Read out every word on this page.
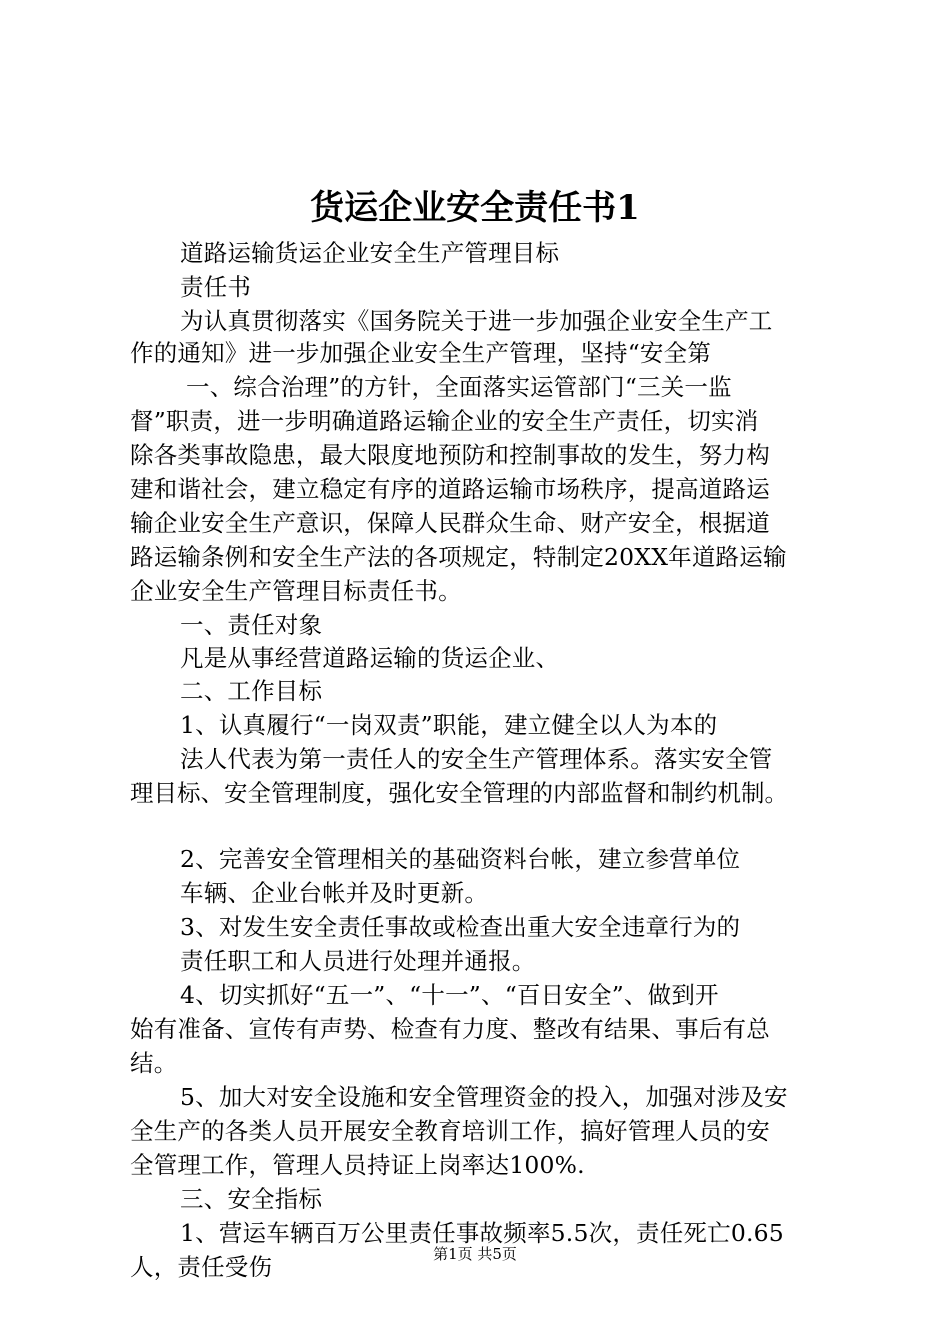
货运企业安全责任书1
道路运输货运企业安全生产管理目标
责任书
为认真贯彻落实《国务院关于进一步加强企业安全生产工
作的通知》进一步加强企业安全生产管理，坚持“安全第
一、综合治理”的方针，全面落实运管部门“三关一监
督”职责，进一步明确道路运输企业的安全生产责任，切实消
除各类事故隐患，最大限度地预防和控制事故的发生，努力构
建和谐社会，建立稳定有序的道路运输市场秩序，提高道路运
输企业安全生产意识，保障人民群众生命、财产安全，根据道
路运输条例和安全生产法的各项规定，特制定20XX年道路运输
企业安全生产管理目标责任书。
一、责任对象
凡是从事经营道路运输的货运企业、
二、工作目标
1、认真履行“一岗双责”职能，建立健全以人为本的
法人代表为第一责任人的安全生产管理体系。落实安全管
理目标、安全管理制度，强化安全管理的内部监督和制约机制。
2、完善安全管理相关的基础资料台帐，建立参营单位
车辆、企业台帐并及时更新。
3、对发生安全责任事故或检查出重大安全违章行为的
责任职工和人员进行处理并通报。
4、切实抓好“五一”、“十一”、“百日安全”、做到开
始有准备、宣传有声势、检查有力度、整改有结果、事后有总
结。
5、加大对安全设施和安全管理资金的投入，加强对涉及安
全生产的各类人员开展安全教育培训工作，搞好管理人员的安
全管理工作，管理人员持证上岗率达100%.
三、安全指标
1、营运车辆百万公里责任事故频率5.5次，责任死亡0.65
人，责任受伤	第1页 共5页
